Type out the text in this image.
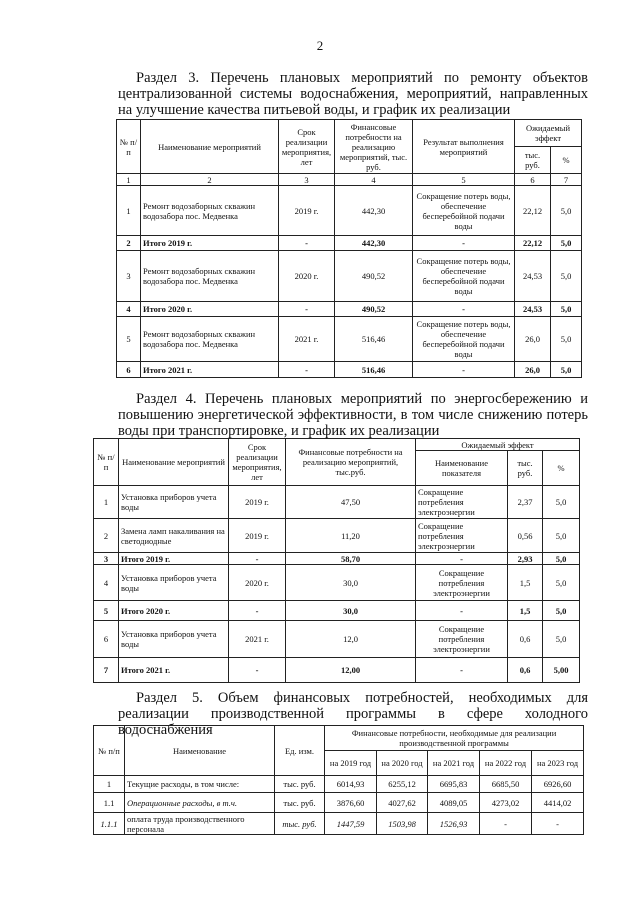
2
Раздел 3. Перечень плановых мероприятий по ремонту объектов централизованной системы водоснабжения, мероприятий, направленных на улучшение качества питьевой воды, и график их реализации
№ п/п	Наименование мероприятий	Срок реализации мероприятия, лет	Финансовые потребности на реализацию мероприятий, тыс. руб.	Результат выполнения мероприятий	Ожидаемый эффект	
					тыс. руб.	%
1	2	3	4	5	6	7
1	Ремонт водозаборных скважин водозабора пос. Медвенка	2019 г.	442,30	Сокращение потерь воды, обеспечение бесперебойной подачи воды	22,12	5,0
2	Итого 2019 г.	-	442,30	-	22,12	5,0
3	Ремонт водозаборных скважин водозабора пос. Медвенка	2020 г.	490,52	Сокращение потерь воды, обеспечение бесперебойной подачи воды	24,53	5,0
4	Итого 2020 г.	-	490,52	-	24,53	5,0
5	Ремонт водозаборных скважин водозабора пос. Медвенка	2021 г.	516,46	Сокращение потерь воды, обеспечение бесперебойной подачи воды	26,0	5,0
6	Итого 2021 г.	-	516,46	-	26,0	5,0
Раздел 4. Перечень плановых мероприятий по энергосбережению и повышению энергетической эффективности, в том числе снижению потерь воды при транспортировке, и график их реализации
№ п/п	Наименование мероприятий	Срок реализации мероприятия, лет	Финансовые потребности на реализацию мероприятий, тыс.руб.	Ожидаемый эффект		
				Наименование показателя	тыс. руб.	%
1	Установка приборов учета воды	2019 г.	47,50	Сокращение потребления электроэнергии	2,37	5,0
2	Замена ламп накаливания на светодиодные	2019 г.	11,20	Сокращение потребления электроэнергии	0,56	5,0
3	Итого 2019 г.	-	58,70	-	2,93	5,0
4	Установка приборов учета воды	2020 г.	30,0	Сокращение потребления электроэнергии	1,5	5,0
5	Итого 2020 г.	-	30,0	-	1,5	5,0
6	Установка приборов учета воды	2021 г.	12,0	Сокращение потребления электроэнергии	0,6	5,0
7	Итого 2021 г.	-	12,00	-	0,6	5,00
Раздел 5. Объем финансовых потребностей, необходимых для реализации производственной программы в сфере холодного водоснабжения
№ п/п	Наименование	Ед. изм.	Финансовые потребности, необходимые для реализации производственной программы				
			на 2019 год	на 2020 год	на 2021 год	на 2022 год	на 2023 год
1	Текущие расходы, в том числе:	тыс. руб.	6014,93	6255,12	6695,83	6685,50	6926,60
1.1	Операционные расходы, в т.ч.	тыс. руб.	3876,60	4027,62	4089,05	4273,02	4414,02
1.1.1	оплата труда производственного персонала	тыс. руб.	1447,59	1503,98	1526,93	-	-
